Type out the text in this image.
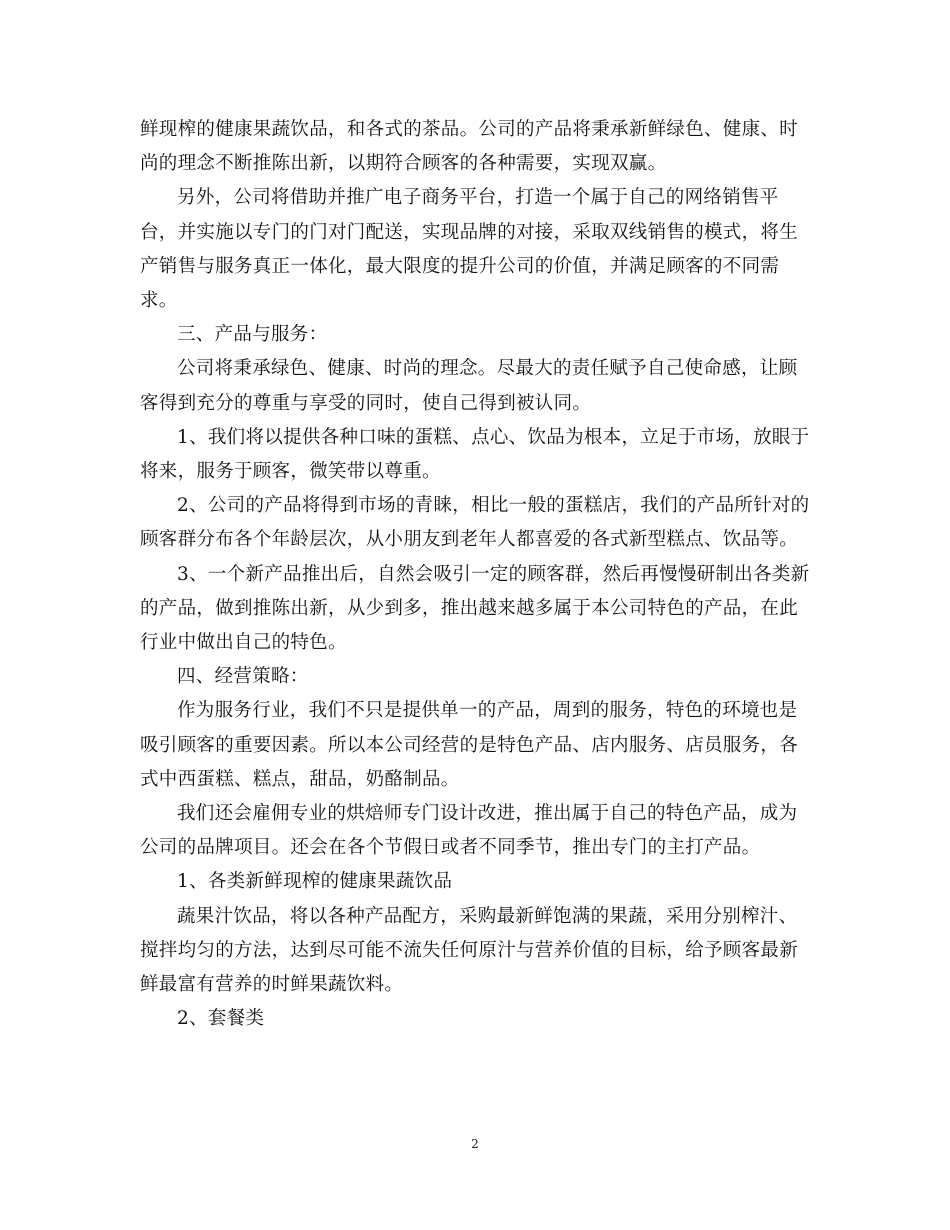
鲜现榨的健康果蔬饮品，和各式的茶品。公司的产品将秉承新鲜绿色、健康、时
尚的理念不断推陈出新，以期符合顾客的各种需要，实现双赢。

另外，公司将借助并推广电子商务平台，打造一个属于自己的网络销售平
台，并实施以专门的门对门配送，实现品牌的对接，采取双线销售的模式，将生
产销售与服务真正一体化，最大限度的提升公司的价值，并满足顾客的不同需
求。

三、产品与服务：

公司将秉承绿色、健康、时尚的理念。尽最大的责任赋予自己使命感，让顾
客得到充分的尊重与享受的同时，使自己得到被认同。

1、我们将以提供各种口味的蛋糕、点心、饮品为根本，立足于市场，放眼于
将来，服务于顾客，微笑带以尊重。

2、公司的产品将得到市场的青睐，相比一般的蛋糕店，我们的产品所针对的
顾客群分布各个年龄层次，从小朋友到老年人都喜爱的各式新型糕点、饮品等。

3、一个新产品推出后，自然会吸引一定的顾客群，然后再慢慢研制出各类新
的产品，做到推陈出新，从少到多，推出越来越多属于本公司特色的产品，在此
行业中做出自己的特色。

四、经营策略：

作为服务行业，我们不只是提供单一的产品，周到的服务，特色的环境也是
吸引顾客的重要因素。所以本公司经营的是特色产品、店内服务、店员服务，各
式中西蛋糕、糕点，甜品，奶酪制品。

我们还会雇佣专业的烘焙师专门设计改进，推出属于自己的特色产品，成为
公司的品牌项目。还会在各个节假日或者不同季节，推出专门的主打产品。

1、各类新鲜现榨的健康果蔬饮品

蔬果汁饮品，将以各种产品配方，采购最新鲜饱满的果蔬，采用分别榨汁、
搅拌均匀的方法，达到尽可能不流失任何原汁与营养价值的目标，给予顾客最新
鲜最富有营养的时鲜果蔬饮料。

2、套餐类

2
